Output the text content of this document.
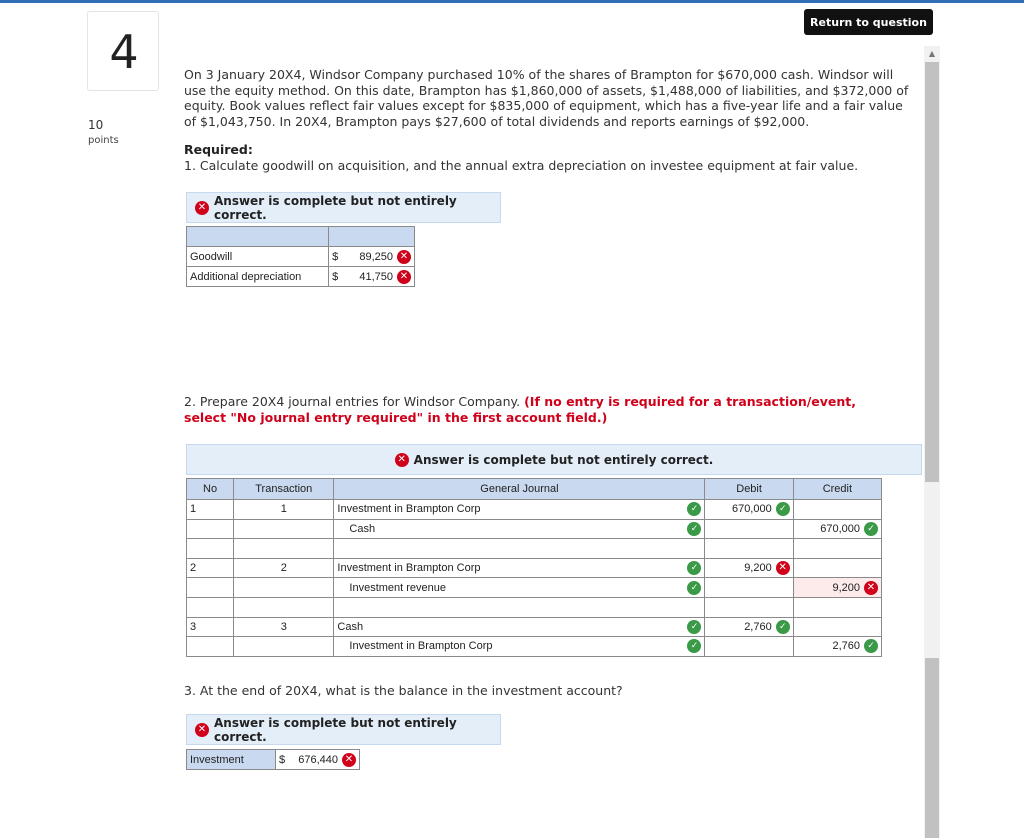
4
10
points
Return to question
On 3 January 20X4, Windsor Company purchased 10% of the shares of Brampton for $670,000 cash. Windsor will use the equity method. On this date, Brampton has $1,860,000 of assets, $1,488,000 of liabilities, and $372,000 of equity. Book values reflect fair values except for $835,000 of equipment, which has a five-year life and a fair value of $1,043,750. In 20X4, Brampton pays $27,600 of total dividends and reports earnings of $92,000.
Required:
1. Calculate goodwill on acquisition, and the annual extra depreciation on investee equipment at fair value.
✕ Answer is complete but not entirely correct.

Goodwill	$ 89,250 ✕

Additional depreciation	$ 41,750 ✕
2. Prepare 20X4 journal entries for Windsor Company. (If no entry is required for a transaction/event, select "No journal entry required" in the first account field.)
✕ Answer is complete but not entirely correct.
No	Transaction	General Journal	Debit	Credit
1	1	Investment in Brampton Corp ✓	670,000 ✓	

		Cash ✓		670,000 ✓

2	2	Investment in Brampton Corp ✓	9,200 ✕	

		Investment revenue ✓		9,200 ✕

3	3	Cash ✓	2,760 ✓	

		Investment in Brampton Corp ✓		2,760 ✓
3. At the end of 20X4, what is the balance in the investment account?
✕ Answer is complete but not entirely correct.
Investment	$ 676,440 ✕
▲
